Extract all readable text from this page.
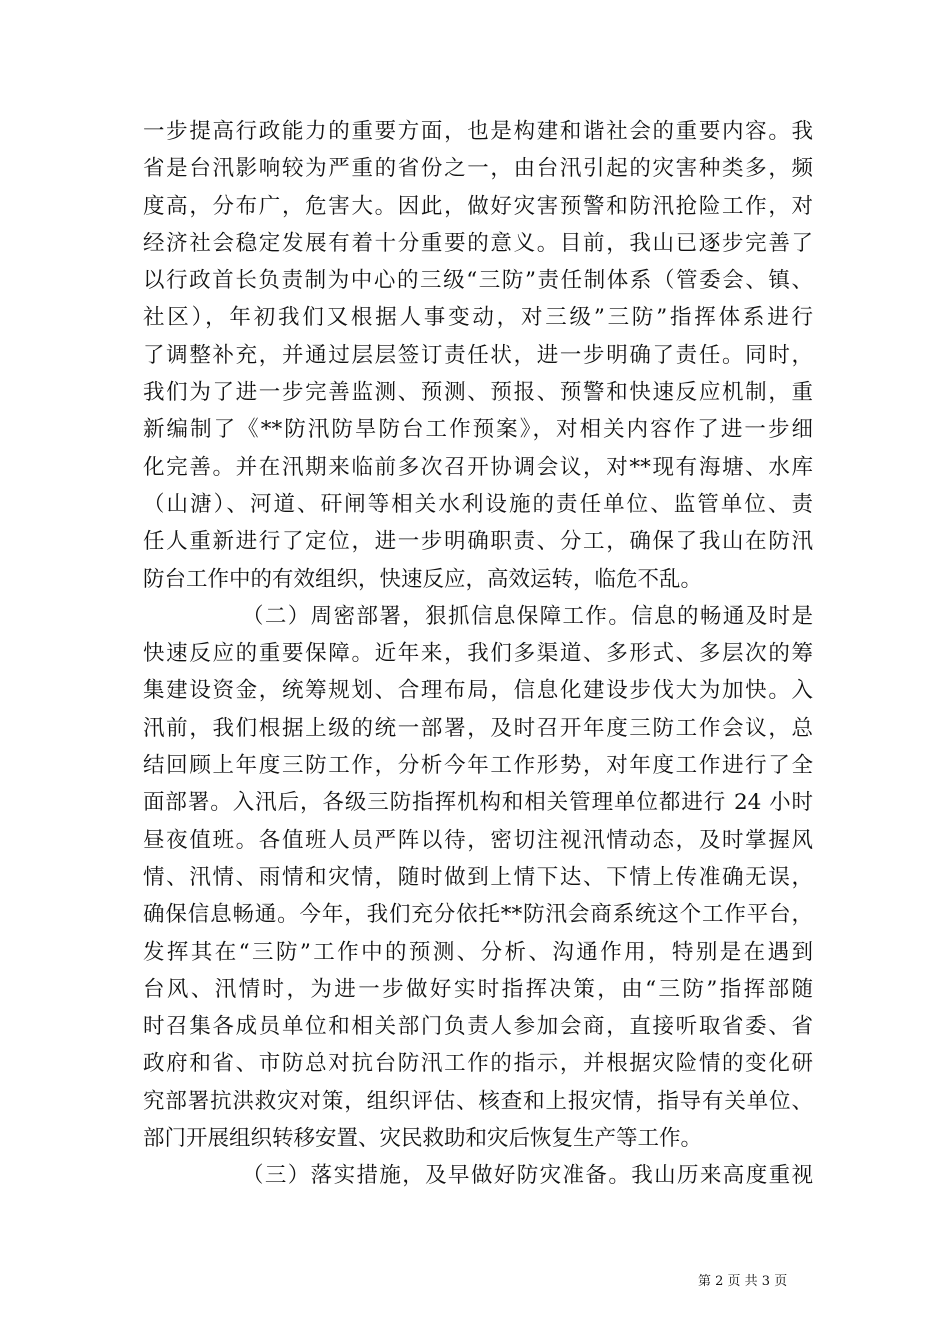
一步提高行政能力的重要方面，也是构建和谐社会的重要内容。我
省是台汛影响较为严重的省份之一，由台汛引起的灾害种类多，频
度高，分布广，危害大。因此，做好灾害预警和防汛抢险工作，对
经济社会稳定发展有着十分重要的意义。目前，我山已逐步完善了
以行政首长负责制为中心的三级“三防”责任制体系（管委会、镇、
社区），年初我们又根据人事变动，对三级”三防”指挥体系进行
了调整补充，并通过层层签订责任状，进一步明确了责任。同时，
我们为了进一步完善监测、预测、预报、预警和快速反应机制，重
新编制了《**防汛防旱防台工作预案》，对相关内容作了进一步细
化完善。并在汛期来临前多次召开协调会议，对**现有海塘、水库
（山溏）、河道、矸闸等相关水利设施的责任单位、监管单位、责
任人重新进行了定位，进一步明确职责、分工，确保了我山在防汛
防台工作中的有效组织，快速反应，高效运转，临危不乱。
（二）周密部署，狠抓信息保障工作。信息的畅通及时是
快速反应的重要保障。近年来，我们多渠道、多形式、多层次的筹
集建设资金，统筹规划、合理布局，信息化建设步伐大为加快。入
汛前，我们根据上级的统一部署，及时召开年度三防工作会议，总
结回顾上年度三防工作，分析今年工作形势，对年度工作进行了全
面部署。入汛后，各级三防指挥机构和相关管理单位都进行 24 小时
昼夜值班。各值班人员严阵以待，密切注视汛情动态，及时掌握风
情、汛情、雨情和灾情，随时做到上情下达、下情上传准确无误，
确保信息畅通。今年，我们充分依托**防汛会商系统这个工作平台，
发挥其在“三防”工作中的预测、分析、沟通作用，特别是在遇到
台风、汛情时，为进一步做好实时指挥决策，由“三防”指挥部随
时召集各成员单位和相关部门负责人参加会商，直接听取省委、省
政府和省、市防总对抗台防汛工作的指示，并根据灾险情的变化研
究部署抗洪救灾对策，组织评估、核查和上报灾情，指导有关单位、
部门开展组织转移安置、灾民救助和灾后恢复生产等工作。
（三）落实措施，及早做好防灾准备。我山历来高度重视
第 2 页 共 3 页
